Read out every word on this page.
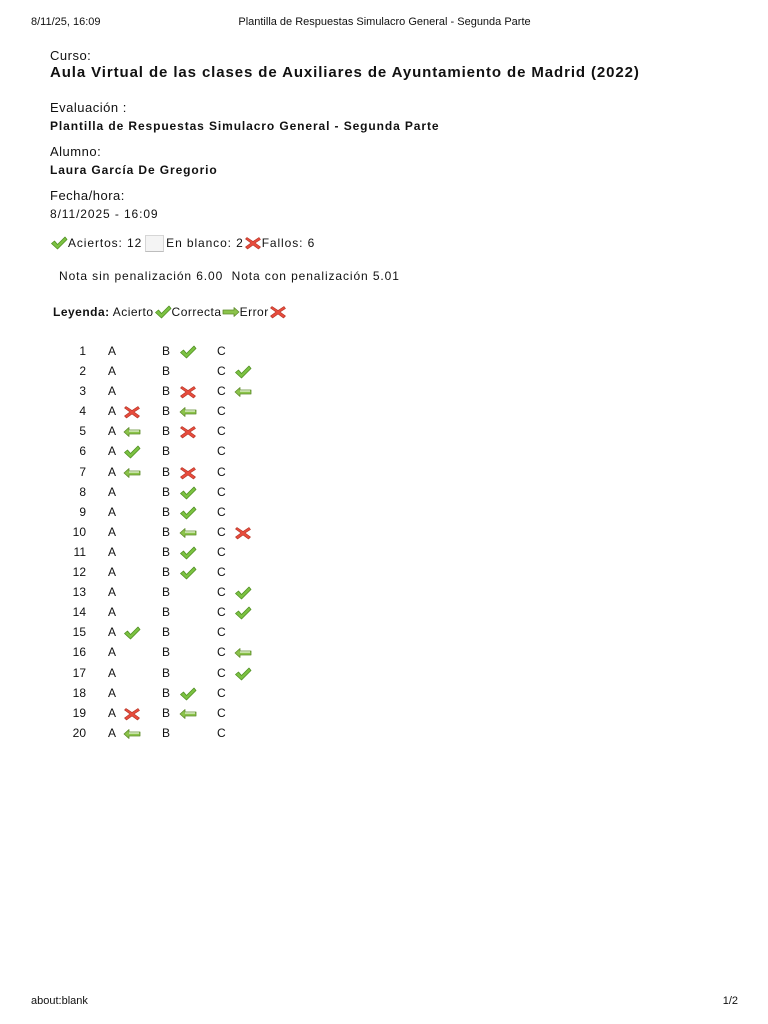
8/11/25, 16:09	Plantilla de Respuestas Simulacro General - Segunda Parte
Curso:
Aula Virtual de las clases de Auxiliares de Ayuntamiento de Madrid (2022)
Evaluación :
Plantilla de Respuestas Simulacro General - Segunda Parte
Alumno:
Laura García De Gregorio
Fecha/hora:
8/11/2025 - 16:09
Aciertos: 12 En blanco: 2 Fallos: 6
Nota sin penalización 6.00  Nota con penalización 5.01
Leyenda: Acierto Correcta Error
1 A	B	C
2 A	B	C
3 A	B	C
4 A	B	C
5 A	B	C
6 A	B	C
7 A	B	C
8 A	B	C
9 A	B	C
10 A	B	C
11 A	B	C
12 A	B	C
13 A	B	C
14 A	B	C
15 A	B	C
16 A	B	C
17 A	B	C
18 A	B	C
19 A	B	C
20 A	B	C
about:blank	1/2
